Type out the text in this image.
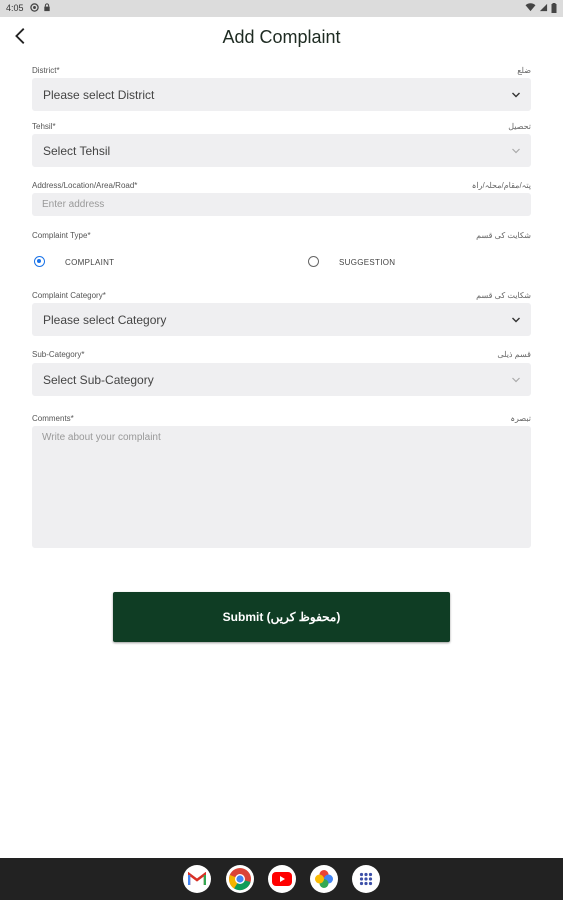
4:05
Add Complaint
District*	ضلع
Please select District
Tehsil*	تحصیل
Select Tehsil
Address/Location/Area/Road*	پتہ/مقام/محلہ/راہ
Enter address
Complaint Type*	شکایت کی قسم
COMPLAINT	SUGGESTION
Complaint Category*	شکایت کی قسم
Please select Category
Sub-Category*	قسم ذیلی
Select Sub-Category
Comments*	تبصرہ
Write about your complaint
Submit (محفوظ کریں)
